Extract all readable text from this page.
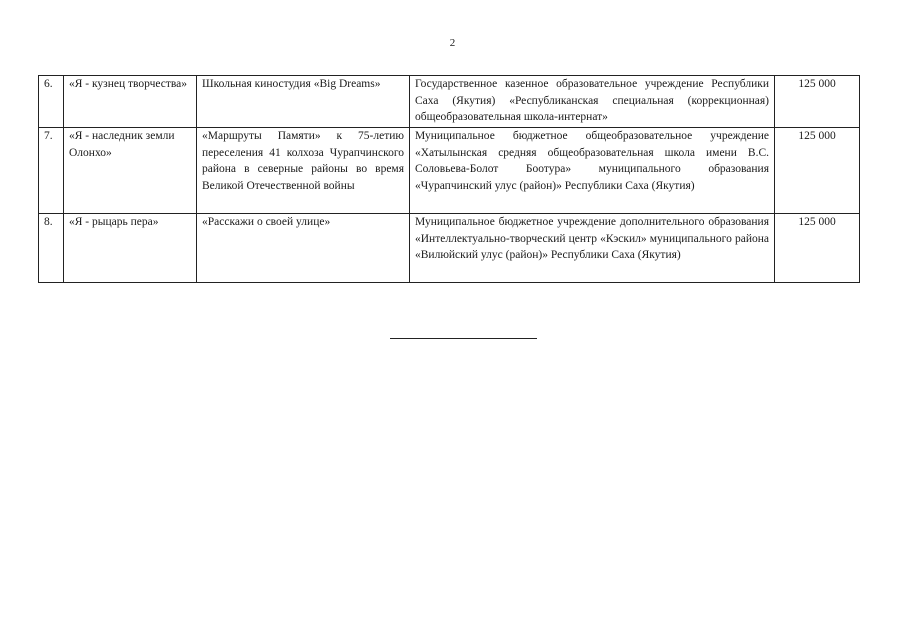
2
6.	«Я - кузнец творчества»	Школьная киностудия «Big Dreams»	Государственное казенное образовательное учреждение Республики Саха (Якутия) «Республиканская специальная (коррекционная) общеобразовательная школа-интернат»	125 000
7.	«Я - наследник земли Олонхо»	«Маршруты Памяти» к 75-летию переселения 41 колхоза Чурапчинского района в северные районы во время Великой Отечественной войны	Муниципальное бюджетное общеобразовательное учреждение «Хатылынская средняя общеобразовательная школа имени В.С. Соловьева-Болот Боотура» муниципального образования «Чурапчинский улус (район)» Республики Саха (Якутия)	125 000
8.	«Я - рыцарь пера»	«Расскажи о своей улице»	Муниципальное бюджетное учреждение дополнительного образования «Интеллектуально-творческий центр «Кэскил» муниципального района «Вилюйский улус (район)» Республики Саха (Якутия)	125 000
